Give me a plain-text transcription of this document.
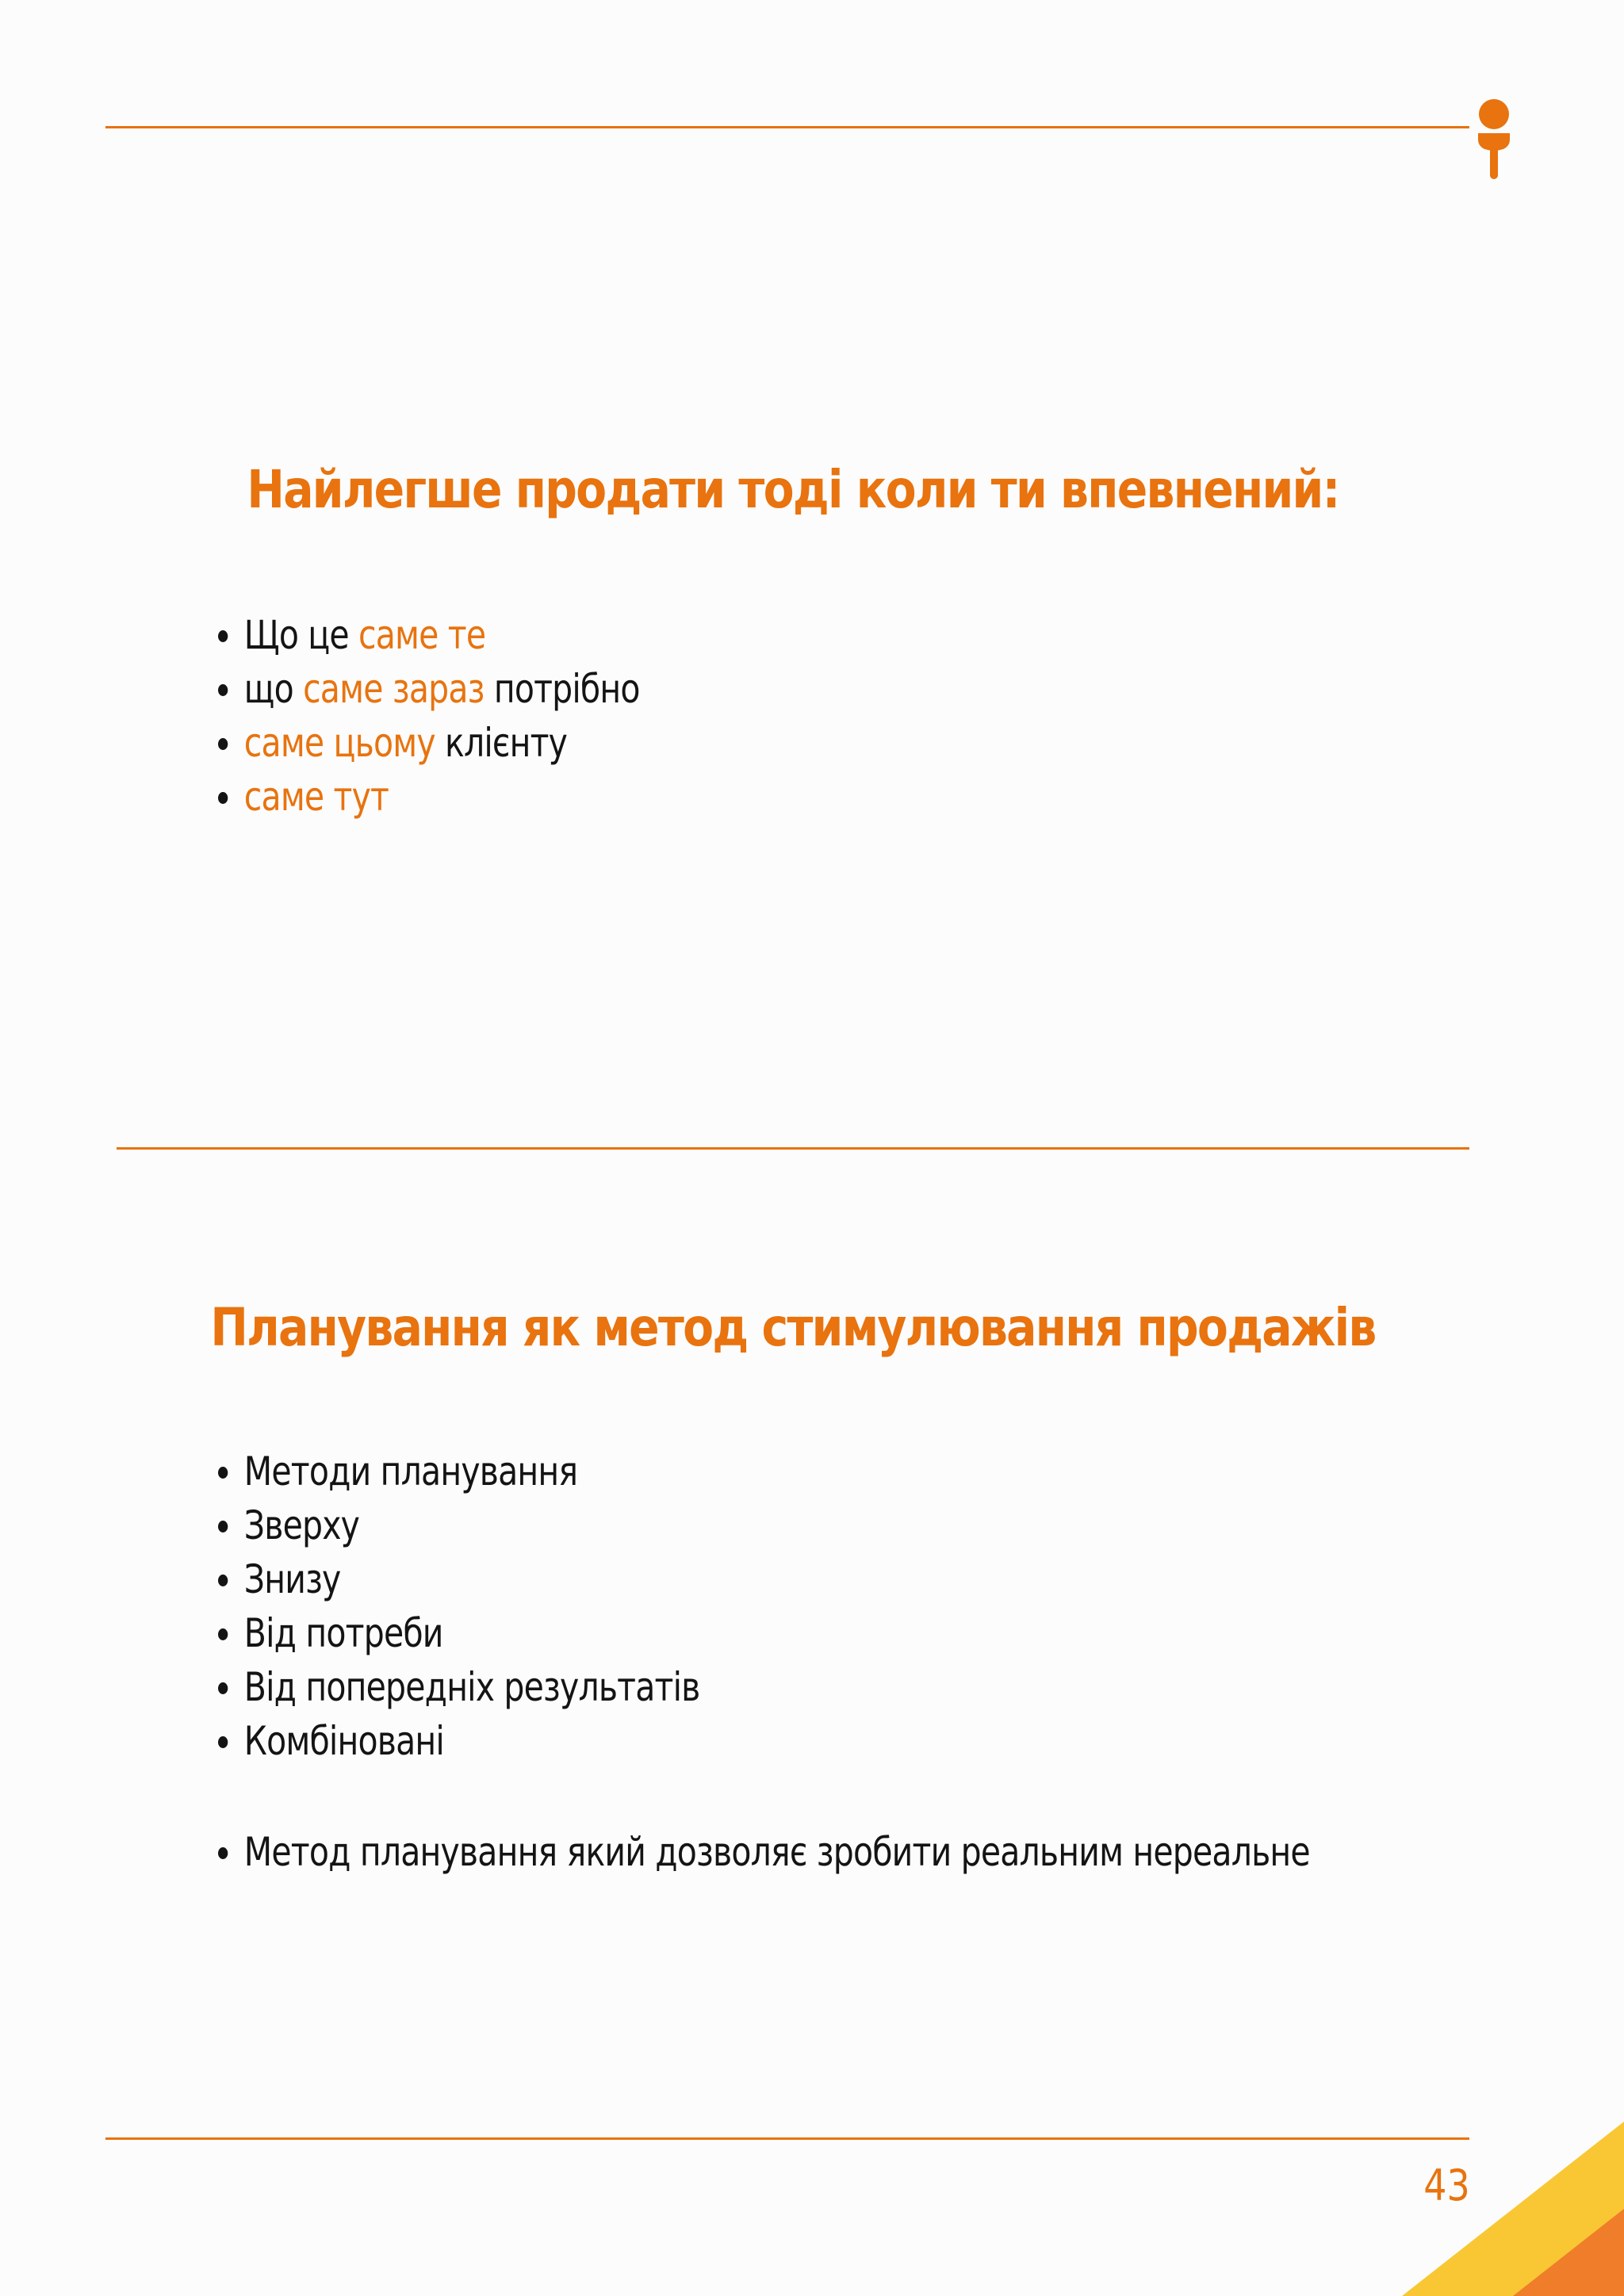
Найлегше продати тоді коли ти впевнений:
Що це саме те
що саме зараз потрібно
саме цьому клієнту
саме тут
Планування як метод стимулювання продажів
Методи планування
Зверху
Знизу
Від потреби
Від попередніх результатів
Комбіновані
Метод планування який дозволяє зробити реальним нереальне
43
